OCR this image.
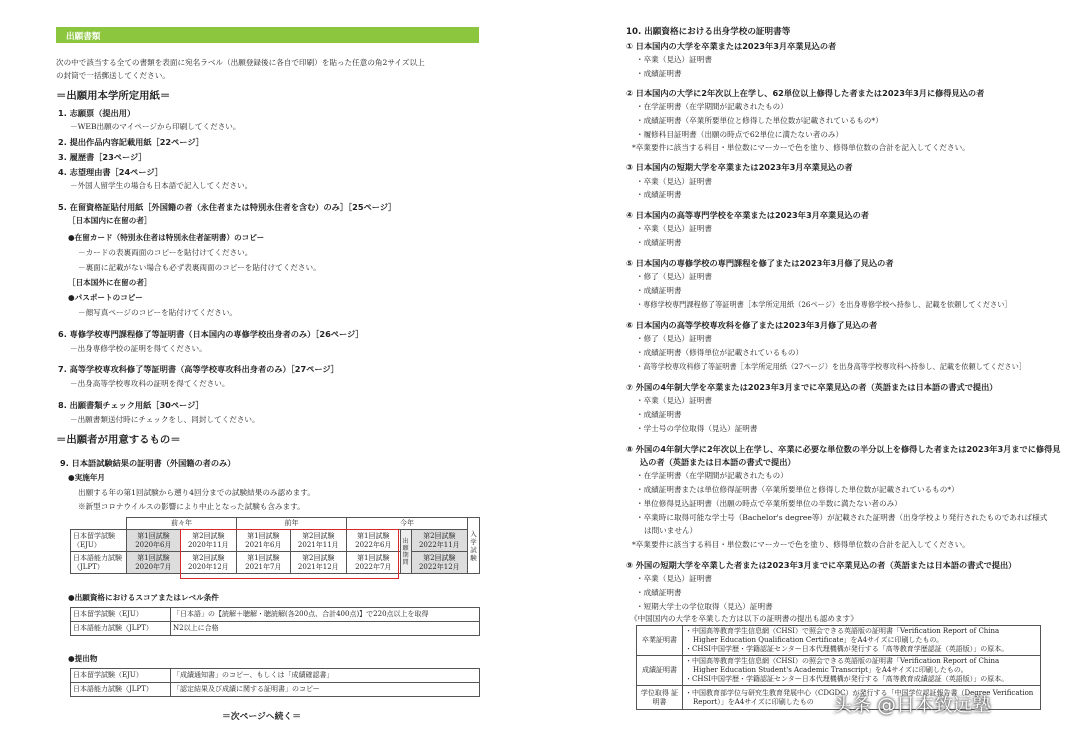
出願書類
次の中で該当する全ての書類を表面に宛名ラベル（出願登録後に各自で印刷）を貼った任意の角2サイズ以上
の封筒で一括郵送してください。
＝出願用本学所定用紙＝
1. 志願票（提出用）
－WEB出願のマイページから印刷してください。
2. 提出作品内容記載用紙［22ページ］
3. 履歴書［23ページ］
4. 志望理由書［24ページ］
－外国人留学生の場合も日本語で記入してください。
5. 在留資格証貼付用紙［外国籍の者（永住者または特別永住者を含む）のみ］［25ページ］
［日本国内に在留の者］
●在留カード（特別永住者は特別永住者証明書）のコピー
－カードの表裏両面のコピーを貼付けてください。
－裏面に記載がない場合も必ず表裏両面のコピーを貼付けてください。
［日本国外に在留の者］
●パスポートのコピー
－顔写真ページのコピーを貼付けてください。
6. 専修学校専門課程修了等証明書（日本国内の専修学校出身者のみ）［26ページ］
－出身専修学校の証明を得てください。
7. 高等学校専攻科修了等証明書（高等学校専攻科出身者のみ）［27ページ］
－出身高等学校専攻科の証明を得てください。
8. 出願書類チェック用紙［30ページ］
－出願書類送付時にチェックをし、同封してください。
＝出願者が用意するもの＝
9. 日本語試験結果の証明書（外国籍の者のみ）
●実施年月
出願する年の第1回試験から遡り4回分までの試験結果のみ認めます。
※新型コロナウイルスの影響により中止となった試験も含みます。
	前々年		前年		今年			入学試験
日本留学試験（EJU）	第1回試験 2020年6月	第2回試験 2020年11月	第1回試験 2021年6月	第2回試験 2021年11月	第1回試験 2022年6月	出願期間	第2回試験 2022年11月	
日本語能力試験（JLPT）	第1回試験 2020年7月	第2回試験 2020年12月	第1回試験 2021年7月	第2回試験 2021年12月	第1回試験 2022年7月		第2回試験 2022年12月	
●出願資格におけるスコアまたはレベル条件
日本留学試験（EJU）	「日本語」の【読解＋聴解・聴読解(各200点、合計400点)】で220点以上を取得
日本語能力試験（JLPT）	N2以上に合格
●提出物
日本留学試験（EJU）	「成績通知書」のコピー、もしくは「成績確認書」
日本語能力試験（JLPT）	「認定結果及び成績に関する証明書」のコピー
＝次ページへ続く＝
10. 出願資格における出身学校の証明書等
① 日本国内の大学を卒業または2023年3月卒業見込の者
・卒業（見込）証明書
・成績証明書
② 日本国内の大学に2年次以上在学し、62単位以上修得した者または2023年3月に修得見込の者
・在学証明書（在学期間が記載されたもの）
・成績証明書（卒業所要単位と修得した単位数が記載されているもの*）
・履修科目証明書（出願の時点で62単位に満たない者のみ）
*卒業要件に該当する科目・単位数にマーカーで色を塗り、修得単位数の合計を記入してください。
③ 日本国内の短期大学を卒業または2023年3月卒業見込の者
・卒業（見込）証明書
・成績証明書
④ 日本国内の高等専門学校を卒業または2023年3月卒業見込の者
・卒業（見込）証明書
・成績証明書
⑤ 日本国内の専修学校の専門課程を修了または2023年3月修了見込の者
・修了（見込）証明書
・成績証明書
・専修学校専門課程修了等証明書［本学所定用紙（26ページ）を出身専修学校へ持参し、記載を依頼してください］
⑥ 日本国内の高等学校専攻科を修了または2023年3月修了見込の者
・修了（見込）証明書
・成績証明書（修得単位が記載されているもの）
・高等学校専攻科修了等証明書［本学所定用紙（27ページ）を出身高等学校専攻科へ持参し、記載を依頼してください］
⑦ 外国の4年制大学を卒業または2023年3月までに卒業見込の者（英語または日本語の書式で提出）
・卒業（見込）証明書
・成績証明書
・学士号の学位取得（見込）証明書
⑧ 外国の4年制大学に2年次以上在学し、卒業に必要な単位数の半分以上を修得した者または2023年3月までに修得見
込の者（英語または日本語の書式で提出）
・在学証明書（在学期間が記載されたもの）
・成績証明書または単位修得証明書（卒業所要単位と修得した単位数が記載されているもの*）
・単位修得見込証明書（出願の時点で卒業所要単位の半数に満たない者のみ）
・卒業時に取得可能な学士号（Bachelor's degree等）が記載された証明書（出身学校より発行されたものであれば様式
は問いません）
*卒業要件に該当する科目・単位数にマーカーで色を塗り、修得単位数の合計を記入してください。
⑨ 外国の短期大学を卒業した者または2023年3月までに卒業見込の者（英語または日本語の書式で提出）
・卒業（見込）証明書
・成績証明書
・短期大学士の学位取得（見込）証明書
《中国国内の大学を卒業した方は以下の証明書の提出も認めます》
卒業証明書	・中国高等教育学生信息網（CHSI）で照会できる英語版の証明書「Verification Report of China
Higher Education Qualification Certificate」をA4サイズに印刷したもの。
・CHSI中国学歴・学籍認証センター日本代理機構が発行する「高等教育学歴認証（英語版）」の原本。

成績証明書	・中国高等教育学生信息網（CHSI）の照会できる英語版の証明書「Verification Report of China
Higher Education Student's Academic Transcript」をA4サイズに印刷したもの。
・CHSI中国学歴・学籍認証センター日本代理機構が発行する「高等教育成績認証（英語版）」の原本。

学位取得 証明書	・中国教育部学位与研究生教育発展中心（CDGDC）が発行する「中国学位認証報告書（Degree Verification
Report）」をA4サイズに印刷したもの	头条 @日本致远塾
